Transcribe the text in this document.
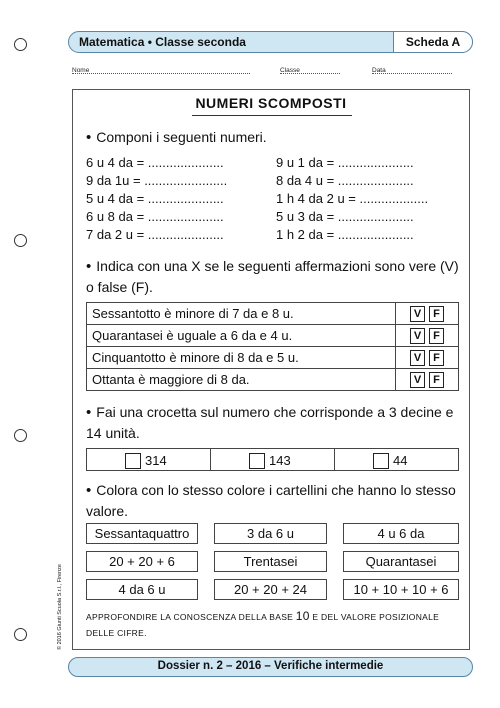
Matematica • Classe seconda	Scheda A
Nome	Classe	Data
NUMERI SCOMPOSTI
• Componi i seguenti numeri.
6 u 4 da = .....................
9 da 1u = .......................
5 u 4 da = .....................
6 u 8 da = .....................
7 da 2 u = .....................
9 u 1 da = .....................
8 da 4 u = .....................
1 h 4 da 2 u = ...................
5 u 3 da = .....................
1 h 2 da = .....................
• Indica con una X se le seguenti affermazioni sono vere (V) o false (F).
Sessantotto è minore di 7 da e 8 u.	V F
Quarantasei è uguale a 6 da e 4 u.	V F
Cinquantotto è minore di 8 da e 5 u.	V F
Ottanta è maggiore di 8 da.	V F
• Fai una crocetta sul numero che corrisponde a 3 decine e 14 unità.
314	143	44
• Colora con lo stesso colore i cartellini che hanno lo stesso valore.
Sessantaquattro	3 da 6 u	4 u 6 da
20 + 20 + 6	Trentasei	Quarantasei
4 da 6 u	20 + 20 + 24	10 + 10 + 10 + 6
APPROFONDIRE LA CONOSCENZA DELLA BASE 10 E DEL VALORE POSIZIONALE DELLE CIFRE.
© 2016 Giunti Scuola S.r.l., Firenze
Dossier n. 2 – 2016 – Verifiche intermedie
